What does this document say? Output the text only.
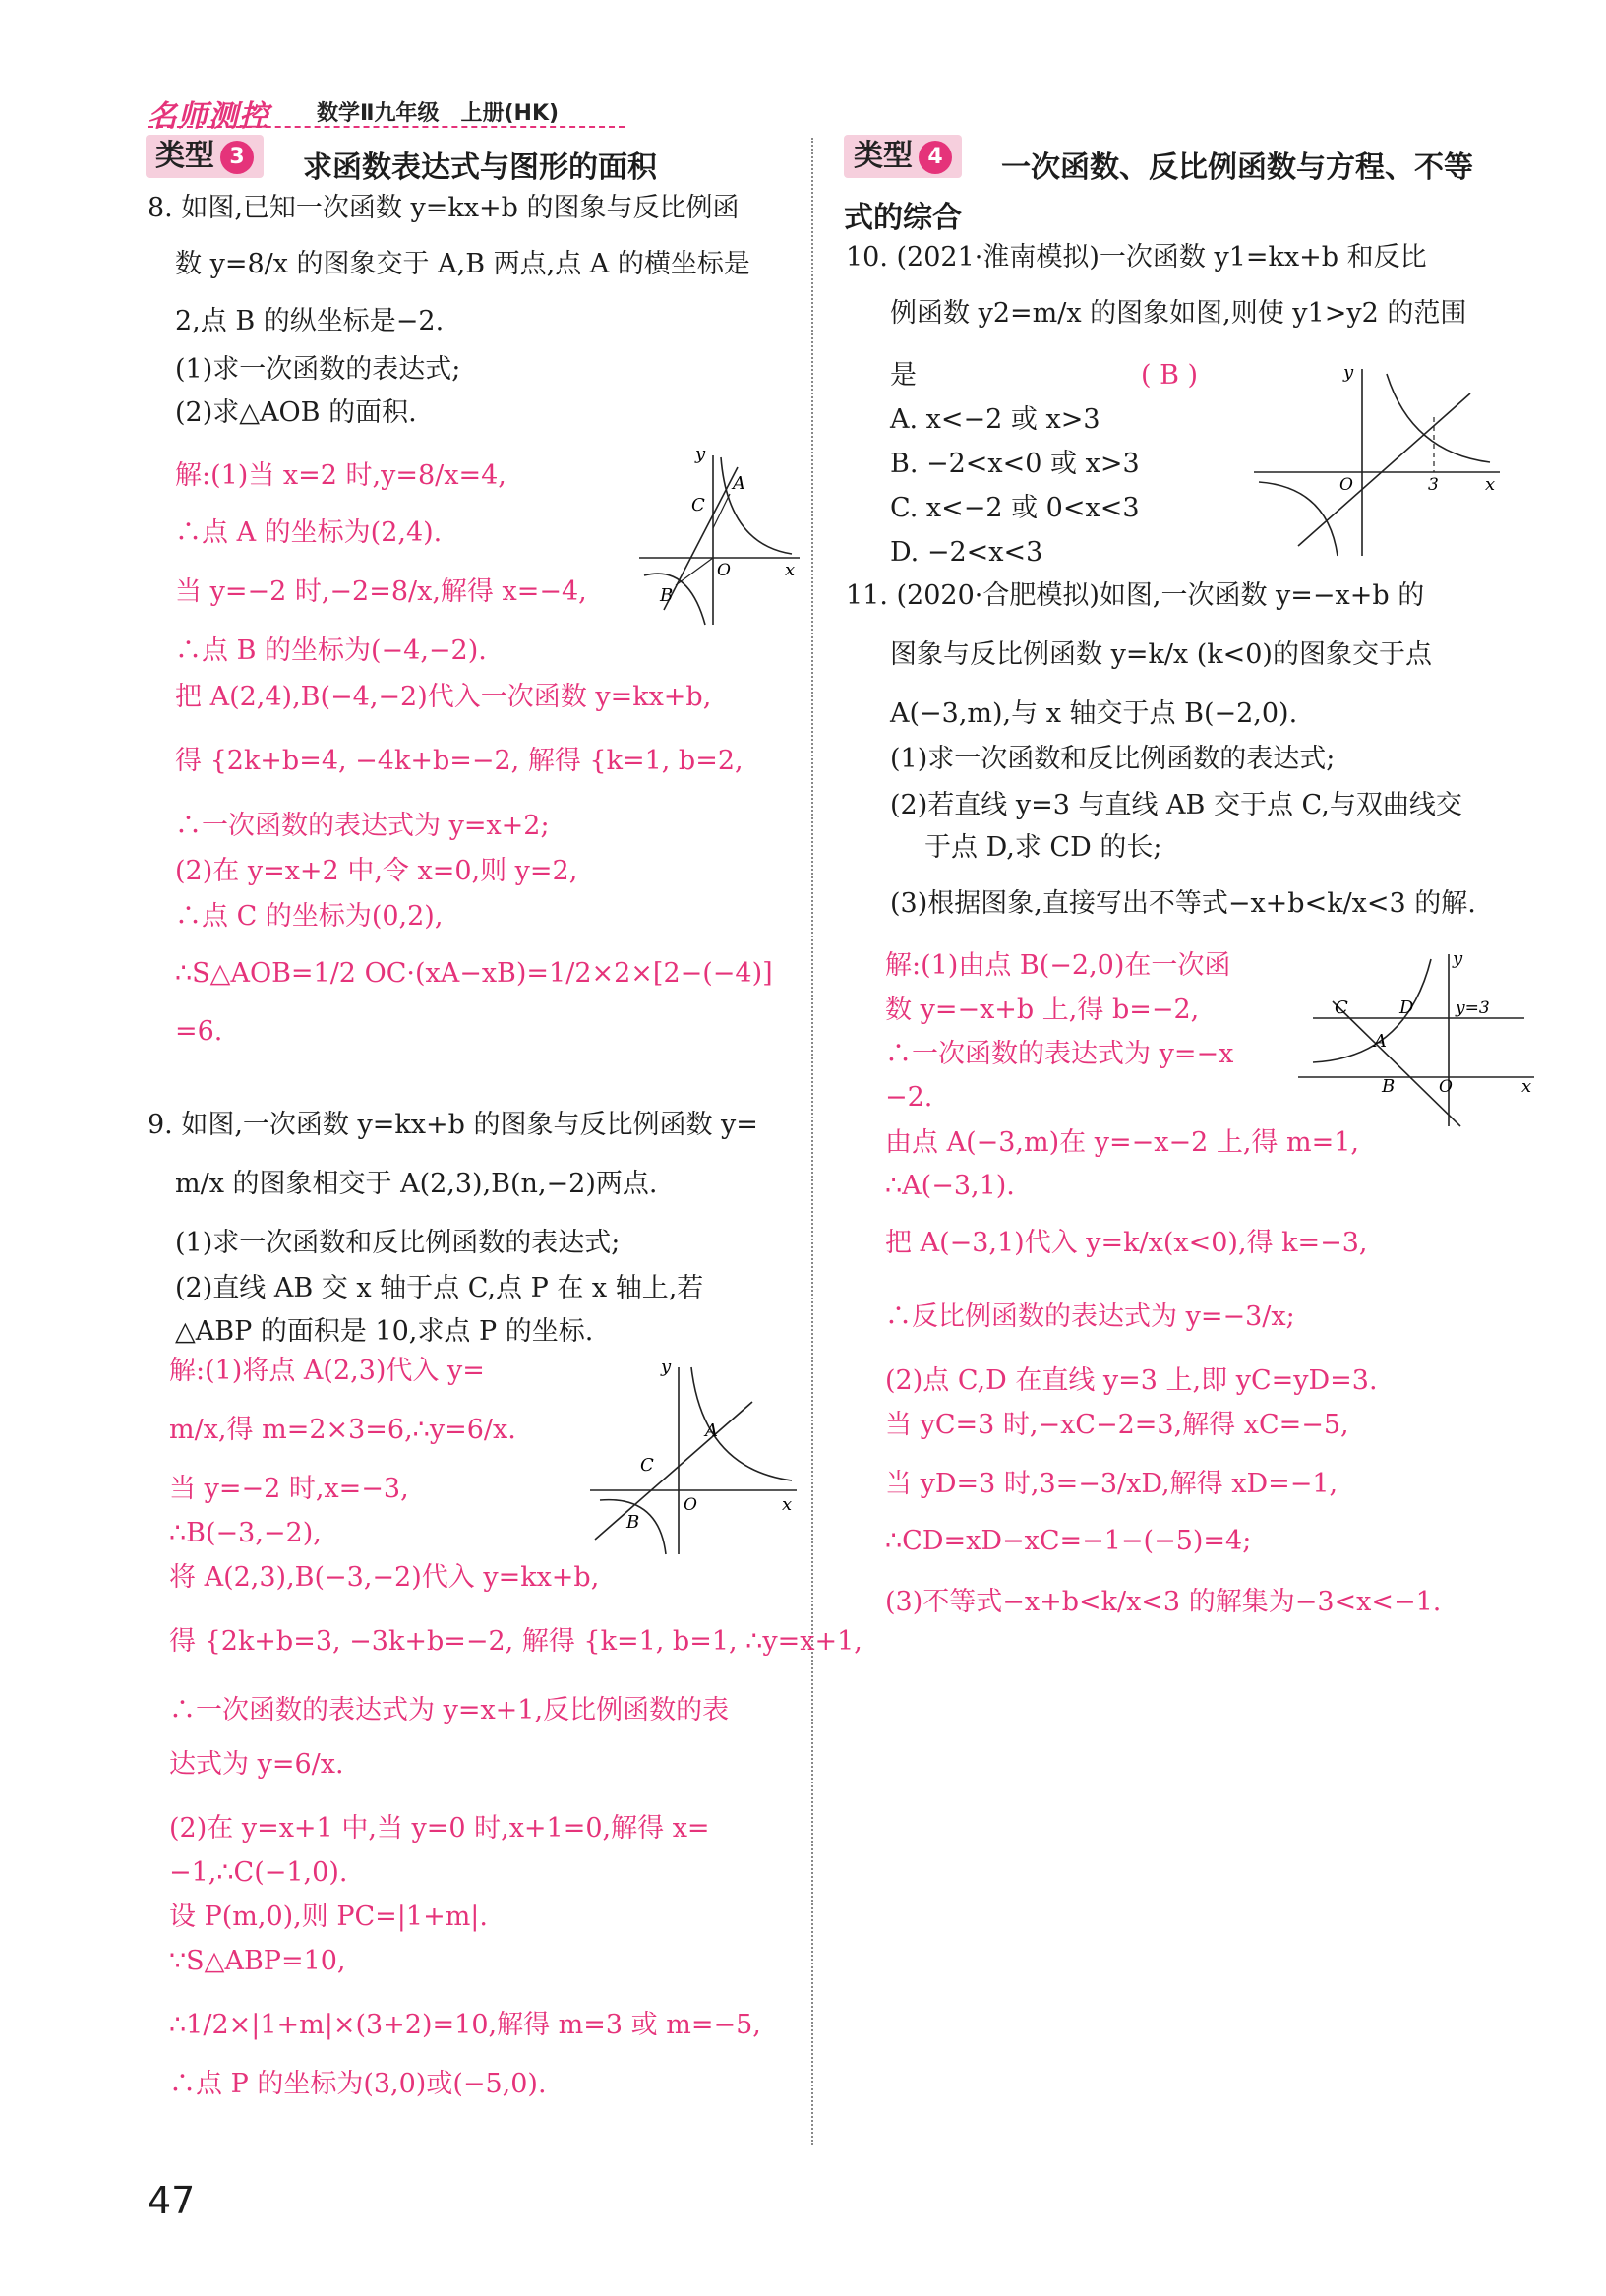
名师测控 数学Ⅱ九年级　上册(HK)
类型 3	求函数表达式与图形的面积	类型 4	一次函数、反比例函数与方程、不等
式的综合
8. 如图,已知一次函数 y=kx+b 的图象与反比例函
数 y=8/x 的图象交于 A,B 两点,点 A 的横坐标是
2,点 B 的纵坐标是−2.
(1)求一次函数的表达式;
(2)求△AOB 的面积.
解:(1)当 x=2 时,y=8/x=4,
∴点 A 的坐标为(2,4).
当 y=−2 时,−2=8/x,解得 x=−4,
∴点 B 的坐标为(−4,−2).
把 A(2,4),B(−4,−2)代入一次函数 y=kx+b,
得 {2k+b=4, −4k+b=−2, 解得 {k=1, b=2,
∴一次函数的表达式为 y=x+2;
(2)在 y=x+2 中,令 x=0,则 y=2,
∴点 C 的坐标为(0,2),
∴S△AOB=1/2 OC·(xA−xB)=1/2×2×[2−(−4)]
=6.
y
x
O
A
B
C
9. 如图,一次函数 y=kx+b 的图象与反比例函数 y=
m/x 的图象相交于 A(2,3),B(n,−2)两点.
(1)求一次函数和反比例函数的表达式;
(2)直线 AB 交 x 轴于点 C,点 P 在 x 轴上,若
△ABP 的面积是 10,求点 P 的坐标.
解:(1)将点 A(2,3)代入 y=
m/x,得 m=2×3=6,∴y=6/x.
当 y=−2 时,x=−3,
∴B(−3,−2),
将 A(2,3),B(−3,−2)代入 y=kx+b,
得 {2k+b=3, −3k+b=−2, 解得 {k=1, b=1, ∴y=x+1,
∴一次函数的表达式为 y=x+1,反比例函数的表
达式为 y=6/x.
(2)在 y=x+1 中,当 y=0 时,x+1=0,解得 x=
−1,∴C(−1,0).
设 P(m,0),则 PC=|1+m|.
∵S△ABP=10,
∴1/2×|1+m|×(3+2)=10,解得 m=3 或 m=−5,
∴点 P 的坐标为(3,0)或(−5,0).
y
x
O
A
B
C
10. (2021·淮南模拟)一次函数 y1=kx+b 和反比
例函数 y2=m/x 的图象如图,则使 y1>y2 的范围
是	( B )
A. x<−2 或 x>3
B. −2<x<0 或 x>3
C. x<−2 或 0<x<3
D. −2<x<3
y
x
O	3
11. (2020·合肥模拟)如图,一次函数 y=−x+b 的
图象与反比例函数 y=k/x (k<0)的图象交于点
A(−3,m),与 x 轴交于点 B(−2,0).
(1)求一次函数和反比例函数的表达式;
(2)若直线 y=3 与直线 AB 交于点 C,与双曲线交
于点 D,求 CD 的长;
(3)根据图象,直接写出不等式−x+b<k/x<3 的解.
解:(1)由点 B(−2,0)在一次函
数 y=−x+b 上,得 b=−2,
∴一次函数的表达式为 y=−x
−2.
由点 A(−3,m)在 y=−x−2 上,得 m=1,
∴A(−3,1).
把 A(−3,1)代入 y=k/x(x<0),得 k=−3,
∴反比例函数的表达式为 y=−3/x;
(2)点 C,D 在直线 y=3 上,即 yC=yD=3.
当 yC=3 时,−xC−2=3,解得 xC=−5,
当 yD=3 时,3=−3/xD,解得 xD=−1,
∴CD=xD−xC=−1−(−5)=4;
(3)不等式−x+b<k/x<3 的解集为−3<x<−1.
y
x
O
A
B
C	D	y=3
47
